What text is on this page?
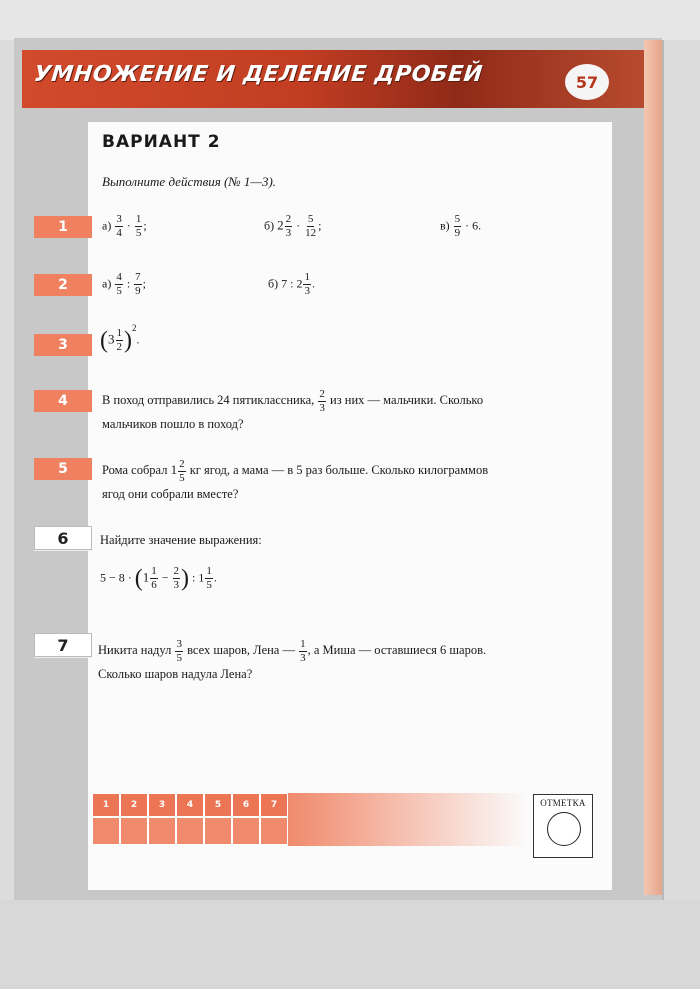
УМНОЖЕНИЕ И ДЕЛЕНИЕ ДРОБЕЙ	57
ВАРИАНТ 2
Выполните действия (№ 1—3).
1	$а) \frac{3}{4} \cdot \frac{1}{5}$ ;	б) $2 \frac{2}{3} \cdot \frac{5}{12}$ ;	$в) \frac{5}{9} \cdot 6$.
2	$а) \frac{4}{5}$ : $\frac{7}{9}$ ;	б) 7 : $2 \frac{1}{3}$ .
3	$(3 \frac{1}{2} )^2$.
4	В поход отправились 24 пятиклассника, $\frac{2}{3}$ из них — мальчики. Сколько
мальчиков пошло в поход?
5	Рома собрал $1 \frac{2}{5}$ кг ягод, а мама — в 5 раз больше. Сколько килограммов
ягод они собрали вместе?
6	Найдите значение выражения:
$5 - 8 \cdot (1 \frac{1}{6} - \frac{2}{3}$ ) : $1 \frac{1}{5}$ .
7	Никита надул $\frac{3}{5}$ всех шаров, Лена — $\frac{1}{3}$ , а Миша — оставшиеся 6 шаров.
Сколько шаров надула Лена?
1	2	3	4	5	6	7	ОТМЕТКА
